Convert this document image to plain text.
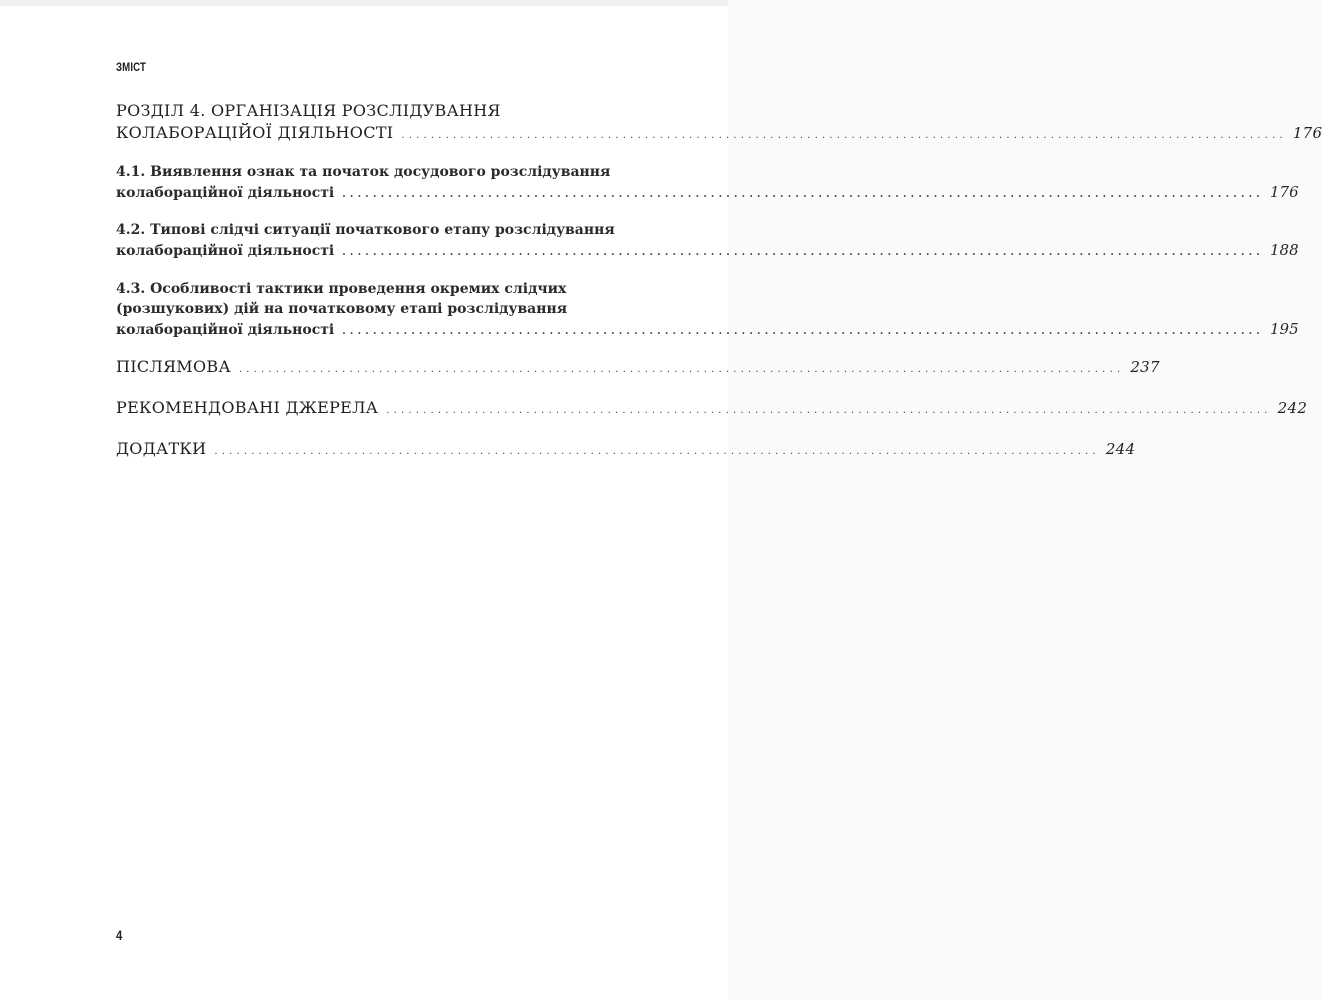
ЗМІСТ
РОЗДІЛ 4. ОРГАНІЗАЦІЯ РОЗСЛІДУВАННЯ
КОЛАБОРАЦІЙОЇ ДІЯЛЬНОСТІ ........................................................................................................................ 176
4.1. Виявлення ознак та початок досудового розслідування
колабораційної діяльності ........................................................................................................................ 176
4.2. Типові слідчі ситуації початкового етапу розслідування
колабораційної діяльності ........................................................................................................................ 188
4.3. Особливості тактики проведення окремих слідчих
(розшукових) дій на початковому етапі розслідування
колабораційної діяльності ........................................................................................................................ 195
ПІСЛЯМОВА ........................................................................................................................ 237
РЕКОМЕНДОВАНІ ДЖЕРЕЛА ........................................................................................................................ 242
ДОДАТКИ ........................................................................................................................ 244
4
